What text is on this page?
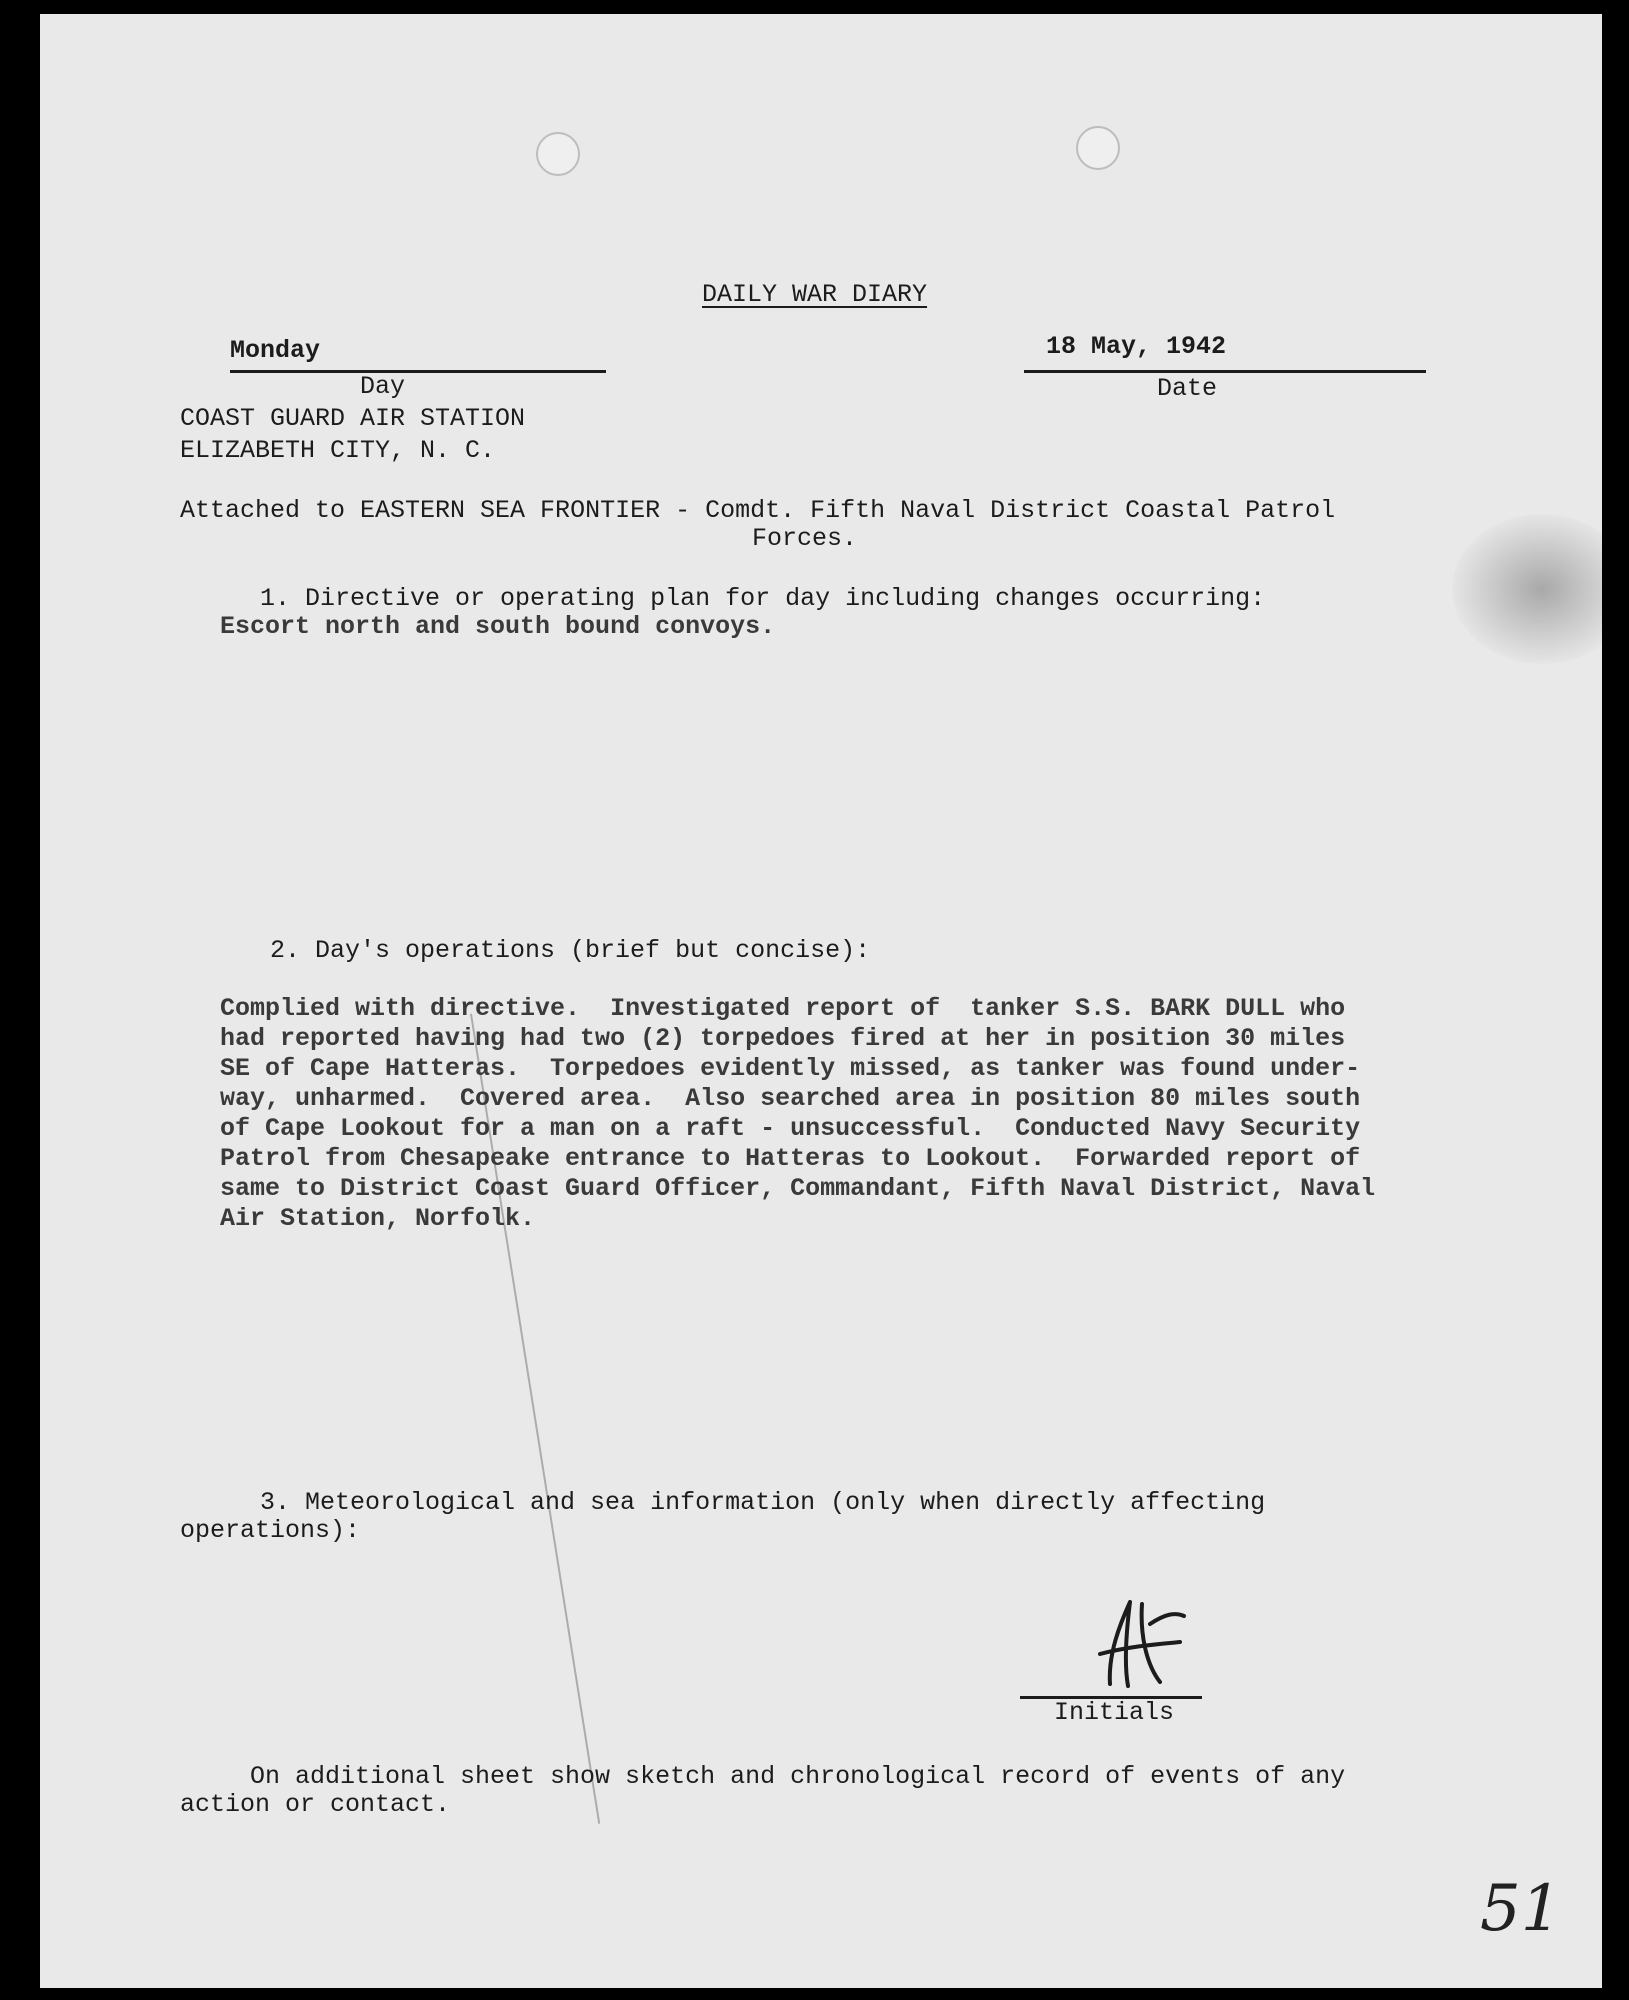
DAILY WAR DIARY
Monday
Day
18 May, 1942
Date
COAST GUARD AIR STATION
ELIZABETH CITY, N. C.
Attached to EASTERN SEA FRONTIER - Comdt. Fifth Naval District Coastal Patrol
Forces.
1. Directive or operating plan for day including changes occurring:
Escort north and south bound convoys.
2. Day's operations (brief but concise):

Complied with directive.  Investigated report of  tanker S.S. BARK DULL who
had reported having had two (2) torpedoes fired at her in position 30 miles
SE of Cape Hatteras.  Torpedoes evidently missed, as tanker was found under-
way, unharmed.  Covered area.  Also searched area in position 80 miles south
of Cape Lookout for a man on a raft - unsuccessful.  Conducted Navy Security
Patrol from Chesapeake entrance to Hatteras to Lookout.  Forwarded report of
same to District Coast Guard Officer, Commandant, Fifth Naval District, Naval
Air Station, Norfolk.

3. Meteorological and sea information (only when directly affecting
operations):
Initials
On additional sheet show sketch and chronological record of events of any
action or contact.
51
